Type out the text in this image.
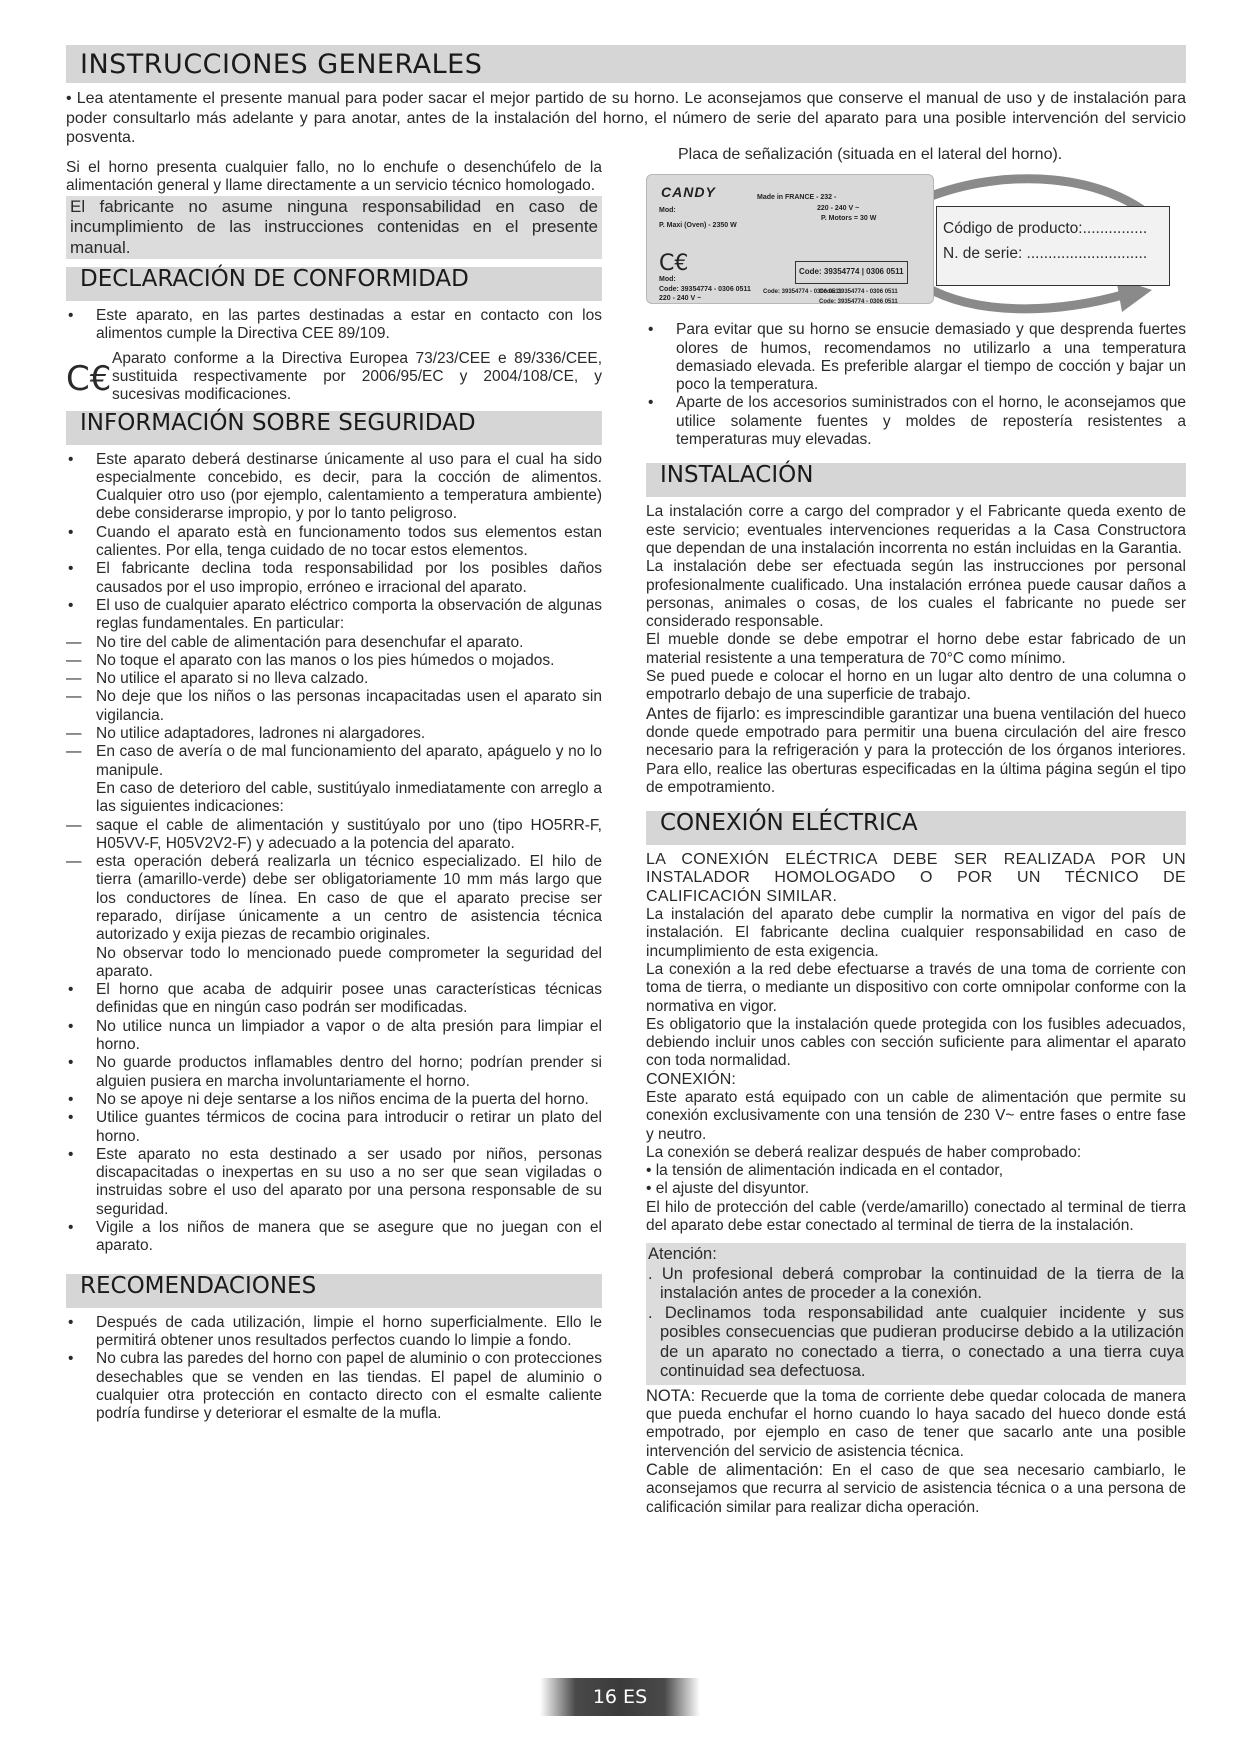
INSTRUCCIONES GENERALES

• Lea atentamente el presente manual para poder sacar el mejor partido de su horno. Le aconsejamos que conserve el manual de uso y de instalación para poder consultarlo más adelante y para anotar, antes de la instalación del horno, el número de serie del aparato para una posible intervención del servicio posventa.

Si el horno presenta cualquier fallo, no lo enchufe o desenchúfelo de la alimentación general y llame directamente a un servicio técnico homologado.

El fabricante no asume ninguna responsabilidad en caso de incumplimiento de las instrucciones contenidas en el presente manual.

DECLARACIÓN DE CONFORMIDAD
• Este aparato, en las partes destinadas a estar en contacto con los alimentos cumple la Directiva CEE 89/109.
C€

Aparato conforme a la Directiva Europea 73/23/CEE e 89/336/CEE, sustituida respectivamente por 2006/95/EC y 2004/108/CE, y sucesivas modificaciones.

INFORMACIÓN SOBRE SEGURIDAD
• Este aparato deberá destinarse únicamente al uso para el cual ha sido especialmente concebido, es decir, para la cocción de alimentos. Cualquier otro uso (por ejemplo, calentamiento a temperatura ambiente) debe considerarse impropio, y por lo tanto peligroso.
• Cuando el aparato està en funcionamento todos sus elementos estan calientes. Por ella, tenga cuidado de no tocar estos elementos.
• El fabricante declina toda responsabilidad por los posibles daños causados por el uso impropio, erróneo e irracional del aparato.
• El uso de cualquier aparato eléctrico comporta la observación de algunas reglas fundamentales. En particular:
— No tire del cable de alimentación para desenchufar el aparato.
— No toque el aparato con las manos o los pies húmedos o mojados.
— No utilice el aparato si no lleva calzado.
— No deje que los niños o las personas incapacitadas usen el aparato sin vigilancia.
— No utilice adaptadores, ladrones ni alargadores.
— En caso de avería o de mal funcionamiento del aparato, apáguelo y no lo manipule.
En caso de deterioro del cable, sustitúyalo inmediatamente con arreglo a las siguientes indicaciones:
— saque el cable de alimentación y sustitúyalo por uno (tipo HO5RR-F, H05VV-F, H05V2V2-F) y adecuado a la potencia del aparato.
— esta operación deberá realizarla un técnico especializado. El hilo de tierra (amarillo-verde) debe ser obligatoriamente 10 mm más largo que los conductores de línea. En caso de que el aparato precise ser reparado, diríjase únicamente a un centro de asistencia técnica autorizado y exija piezas de recambio originales.
No observar todo lo mencionado puede comprometer la seguridad del aparato.
• El horno que acaba de adquirir posee unas características técnicas definidas que en ningún caso podrán ser modificadas.
• No utilice nunca un limpiador a vapor o de alta presión para limpiar el horno.
• No guarde productos inflamables dentro del horno; podrían prender si alguien pusiera en marcha involuntariamente el horno.
• No se apoye ni deje sentarse a los niños encima de la puerta del horno.
• Utilice guantes térmicos de cocina para introducir o retirar un plato del horno.
• Este aparato no esta destinado a ser usado por niños, personas discapacitadas o inexpertas en su uso a no ser que sean vigiladas o instruidas sobre el uso del aparato por una persona responsable de su seguridad.
• Vigile a los niños de manera que se asegure que no juegan con el aparato.
RECOMENDACIONES
• Después de cada utilización, limpie el horno superficialmente. Ello le permitirá obtener unos resultados perfectos cuando lo limpie a fondo.
• No cubra las paredes del horno con papel de aluminio o con protecciones desechables que se venden en las tiendas. El papel de aluminio o cualquier otra protección en contacto directo con el esmalte caliente podría fundirse y deteriorar el esmalte de la mufla.

Placa de señalización (situada en el lateral del horno).

CANDY	Made in FRANCE - 232 -
220 - 240 V ~
Mod:
P. Motors = 30 W
P. Maxi (Oven) - 2350 W
C€	Code: 39354774 | 0306 0511
Mod:
Code: 39354774 - 0306 0511
220 - 240 V ~
Code: 39354774 - 0306 0511
Code: 39354774 - 0306 0511
Code: 39354774 - 0306 0511
Código de producto:...............
N. de serie: ............................
• Para evitar que su horno se ensucie demasiado y que desprenda fuertes olores de humos, recomendamos no utilizarlo a una temperatura demasiado elevada. Es preferible alargar el tiempo de cocción y bajar un poco la temperatura.
• Aparte de los accesorios suministrados con el horno, le aconsejamos que utilice solamente fuentes y moldes de repostería resistentes a temperaturas muy elevadas.
INSTALACIÓN

La instalación corre a cargo del comprador y el Fabricante queda exento de este servicio; eventuales intervenciones requeridas a la Casa Constructora que dependan de una instalación incorrenta no están incluidas en la Garantia.

La instalación debe ser efectuada según las instrucciones por personal profesionalmente cualificado. Una instalación errónea puede causar daños a personas, animales o cosas, de los cuales el fabricante no puede ser considerado responsable.

El mueble donde se debe empotrar el horno debe estar fabricado de un material resistente a una temperatura de 70°C como mínimo.

Se pued puede e colocar el horno en un lugar alto dentro de una columna o empotrarlo debajo de una superficie de trabajo.

Antes de fijarlo: es imprescindible garantizar una buena ventilación del hueco donde quede empotrado para permitir una buena circulación del aire fresco necesario para la refrigeración y para la protección de los órganos interiores. Para ello, realice las oberturas especificadas en la última página según el tipo de empotramiento.

CONEXIÓN ELÉCTRICA

LA CONEXIÓN ELÉCTRICA DEBE SER REALIZADA POR UN INSTALADOR HOMOLOGADO O POR UN TÉCNICO DE CALIFICACIÓN SIMILAR.

La instalación del aparato debe cumplir la normativa en vigor del país de instalación. El fabricante declina cualquier responsabilidad en caso de incumplimiento de esta exigencia.

La conexión a la red debe efectuarse a través de una toma de corriente con toma de tierra, o mediante un dispositivo con corte omnipolar conforme con la normativa en vigor.

Es obligatorio que la instalación quede protegida con los fusibles adecuados, debiendo incluir unos cables con sección suficiente para alimentar el aparato con toda normalidad.

CONEXIÓN:

Este aparato está equipado con un cable de alimentación que permite su conexión exclusivamente con una tensión de 230 V~ entre fases o entre fase y neutro.

La conexión se deberá realizar después de haber comprobado:

• la tensión de alimentación indicada en el contador,

• el ajuste del disyuntor.

El hilo de protección del cable (verde/amarillo) conectado al terminal de tierra del aparato debe estar conectado al terminal de tierra de la instalación.

Atención:

. Un profesional deberá comprobar la continuidad de la tierra de la instalación antes de proceder a la conexión.

. Declinamos toda responsabilidad ante cualquier incidente y sus posibles consecuencias que pudieran producirse debido a la utilización de un aparato no conectado a tierra, o conectado a una tierra cuya continuidad sea defectuosa.

NOTA: Recuerde que la toma de corriente debe quedar colocada de manera que pueda enchufar el horno cuando lo haya sacado del hueco donde está empotrado, por ejemplo en caso de tener que sacarlo ante una posible intervención del servicio de asistencia técnica.

Cable de alimentación: En el caso de que sea necesario cambiarlo, le aconsejamos que recurra al servicio de asistencia técnica o a una persona de calificación similar para realizar dicha operación.

16 ES
